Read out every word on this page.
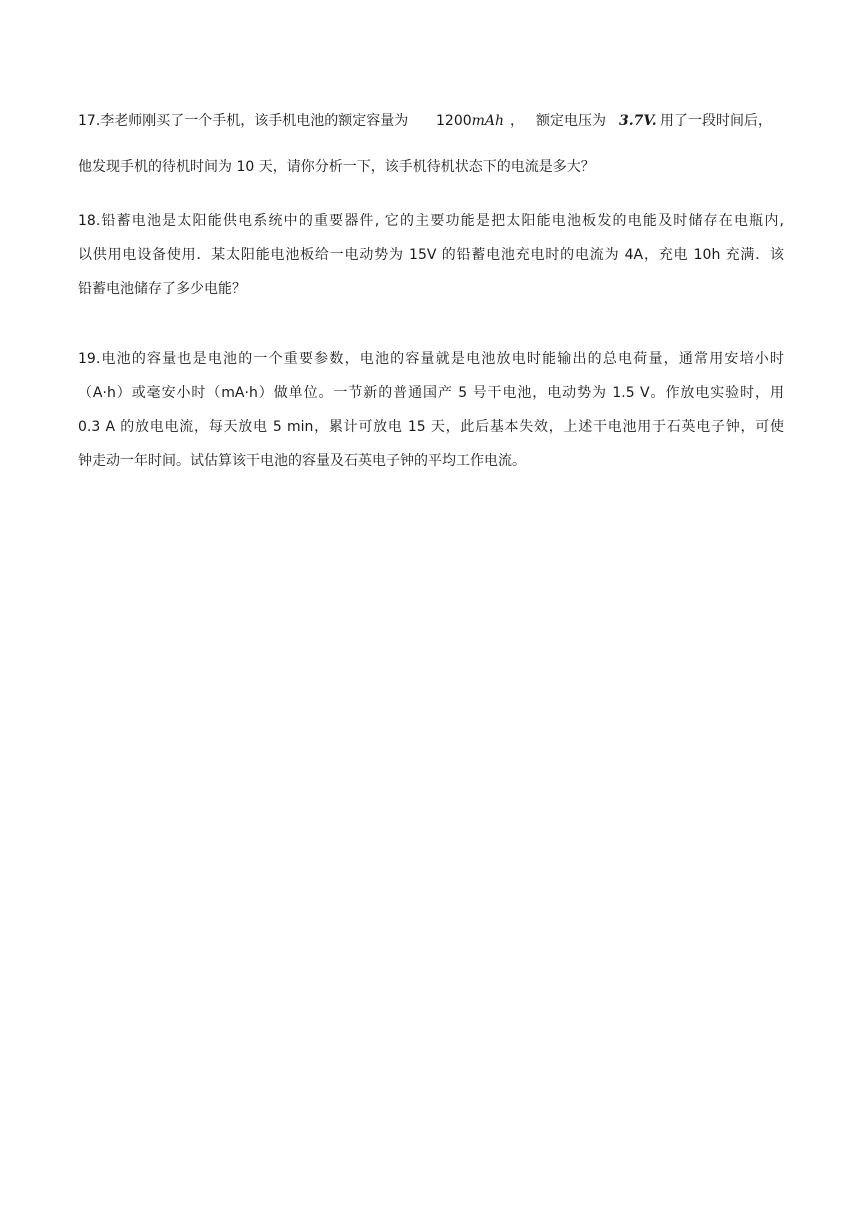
17.李老师刚买了一个手机，该手机电池的额定容量为 1200mAh ， 额定电压为 3.7V. 用了一段时间后，
他发现手机的待机时间为 10 天，请你分析一下，该手机待机状态下的电流是多大？
18.铅蓄电池是太阳能供电系统中的重要器件, 它的主要功能是把太阳能电池板发的电能及时储存在电瓶内,
以供用电设备使用．某太阳能电池板给一电动势为 15V 的铅蓄电池充电时的电流为 4A，充电 10h 充满．该
铅蓄电池储存了多少电能？
19.电池的容量也是电池的一个重要参数，电池的容量就是电池放电时能输出的总电荷量，通常用安培小时
（A·h）或毫安小时（mA·h）做单位。一节新的普通国产 5 号干电池，电动势为 1.5 V。作放电实验时，用
0.3 A 的放电电流，每天放电 5 min，累计可放电 15 天，此后基本失效，上述干电池用于石英电子钟，可使
钟走动一年时间。试估算该干电池的容量及石英电子钟的平均工作电流。
